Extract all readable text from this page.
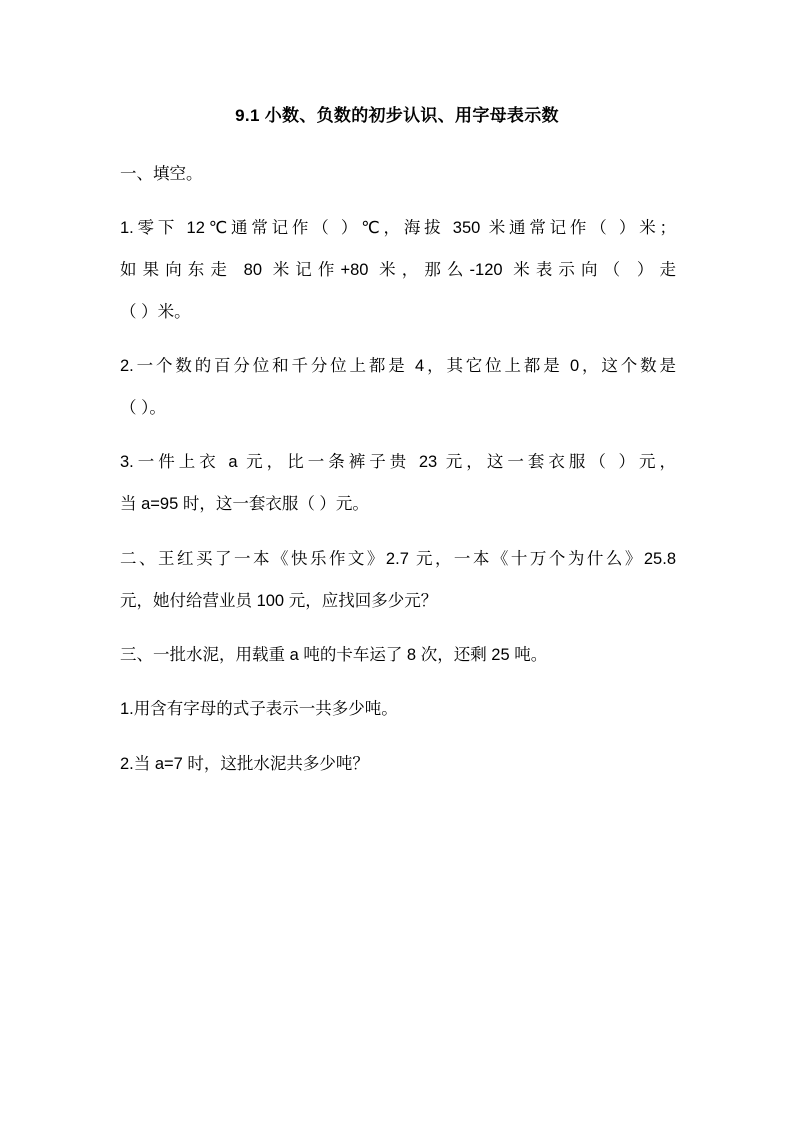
9.1 小数、负数的初步认识、用字母表示数
一、填空。
1.零下 12℃通常记作（ ）℃，海拔 350 米通常记作（ ）米；
如果向东走 80 米记作+80 米，那么-120 米表示向（ ）走
（ ）米。
2.一个数的百分位和千分位上都是 4，其它位上都是 0，这个数是
（ ）。
3.一件上衣 a 元，比一条裤子贵 23 元，这一套衣服（ ）元，
当 a=95 时，这一套衣服（ ）元。
二、王红买了一本《快乐作文》2.7 元，一本《十万个为什么》25.8
元，她付给营业员 100 元，应找回多少元？
三、一批水泥，用载重 a 吨的卡车运了 8 次，还剩 25 吨。
1.用含有字母的式子表示一共多少吨。
2.当 a=7 时，这批水泥共多少吨？
